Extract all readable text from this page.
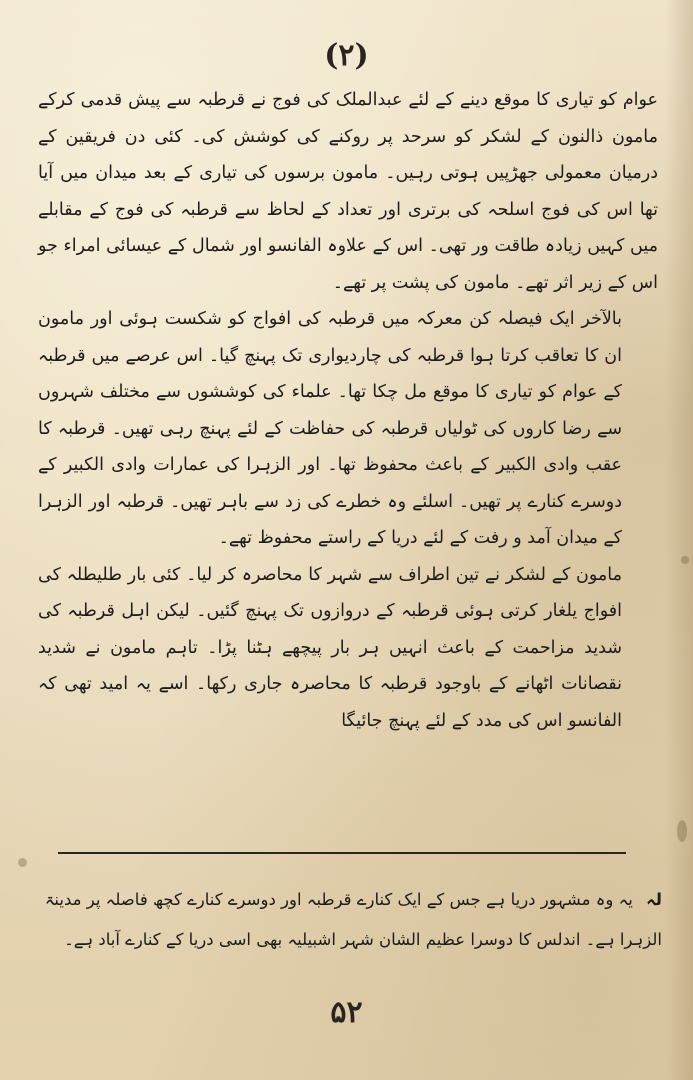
(۲)

عوام کو تیاری کا موقع دینے کے لئے عبدالملک کی فوج نے قرطبہ سے پیش قدمی کرکے مامون ذالنون کے لشکر کو سرحد پر روکنے کی کوشش کی۔ کئی دن فریقین کے درمیان معمولی جھڑپیں ہوتی رہیں۔ مامون برسوں کی تیاری کے بعد میدان میں آیا تھا اس کی فوج اسلحہ کی برتری اور تعداد کے لحاظ سے قرطبہ کی فوج کے مقابلے میں کہیں زیادہ طاقت ور تھی۔ اس کے علاوہ الفانسو اور شمال کے عیسائی امراء جو اس کے زیر اثر تھے۔ مامون کی پشت پر تھے۔

بالآخر ایک فیصلہ کن معرکہ میں قرطبہ کی افواج کو شکست ہوئی اور مامون ان کا تعاقب کرتا ہوا قرطبہ کی چاردیواری تک پہنچ گیا۔ اس عرصے میں قرطبہ کے عوام کو تیاری کا موقع مل چکا تھا۔ علماء کی کوششوں سے مختلف شہروں سے رضا کاروں کی ٹولیاں قرطبہ کی حفاظت کے لئے پہنچ رہی تھیں۔ قرطبہ کا عقب وادی الکبیر کے باعث محفوظ تھا۔ اور الزہرا کی عمارات وادی الکبیر کے دوسرے کنارے پر تھیں۔ اسلئے وہ خطرے کی زد سے باہر تھیں۔ قرطبہ اور الزہرا کے میدان آمد و رفت کے لئے دریا کے راستے محفوظ تھے۔

مامون کے لشکر نے تین اطراف سے شہر کا محاصرہ کر لیا۔ کئی بار طلیطلہ کی افواج یلغار کرتی ہوئی قرطبہ کے دروازوں تک پہنچ گئیں۔ لیکن اہل قرطبہ کی شدید مزاحمت کے باعث انہیں ہر بار پیچھے ہٹنا پڑا۔ تاہم مامون نے شدید نقصانات اٹھانے کے باوجود قرطبہ کا محاصرہ جاری رکھا۔ اسے یہ امید تھی کہ الفانسو اس کی مدد کے لئے پہنچ جائیگا

لہ یہ وہ مشہور دریا ہے جس کے ایک کنارے قرطبہ اور دوسرے کنارے کچھ فاصلہ پر مدینۃ الزہرا ہے۔ اندلس کا دوسرا عظیم الشان شہر اشبیلیہ بھی اسی دریا کے کنارے آباد ہے۔
۵۲
